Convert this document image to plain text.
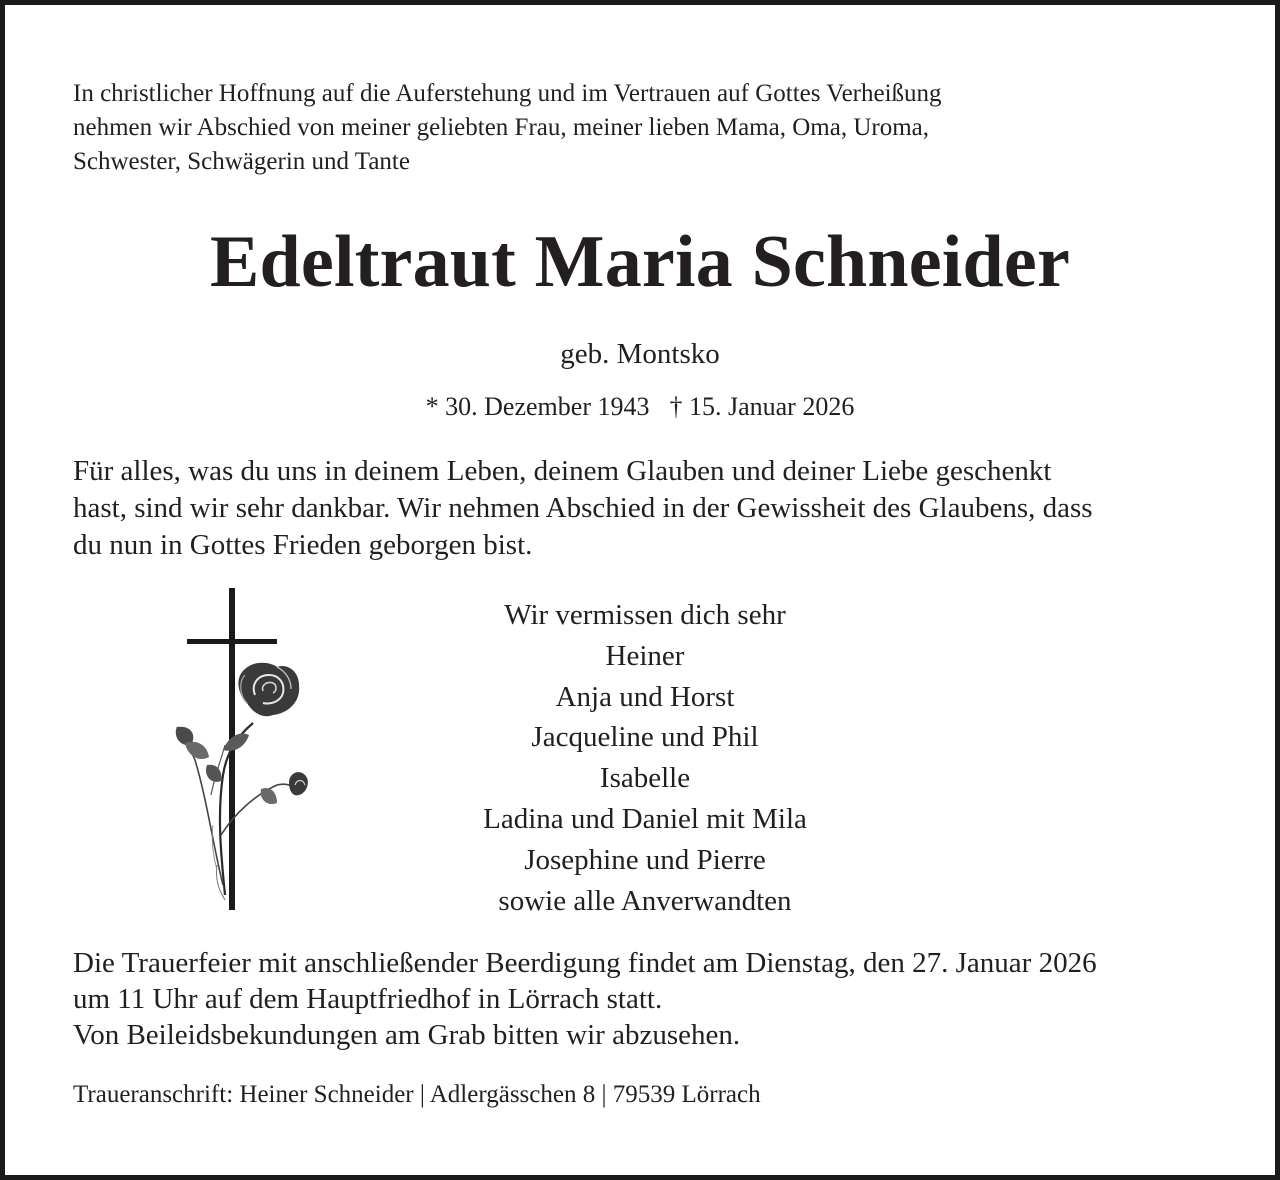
In christlicher Hoffnung auf die Auferstehung und im Vertrauen auf Gottes Verheißung
nehmen wir Abschied von meiner geliebten Frau, meiner lieben Mama, Oma, Uroma,
Schwester, Schwägerin und Tante

Edeltraut Maria Schneider

geb. Montsko

* 30. Dezember 1943 † 15. Januar 2026

Für alles, was du uns in deinem Leben, deinem Glauben und deiner Liebe geschenkt
hast, sind wir sehr dankbar. Wir nehmen Abschied in der Gewissheit des Glaubens, dass
du nun in Gottes Frieden geborgen bist.

Wir vermissen dich sehr
Heiner
Anja und Horst
Jacqueline und Phil
Isabelle
Ladina und Daniel mit Mila
Josephine und Pierre
sowie alle Anverwandten

Die Trauerfeier mit anschließender Beerdigung findet am Dienstag, den 27. Januar 2026
um 11 Uhr auf dem Hauptfriedhof in Lörrach statt.
Von Beileidsbekundungen am Grab bitten wir abzusehen.

Traueranschrift: Heiner Schneider | Adlergässchen 8 | 79539 Lörrach
